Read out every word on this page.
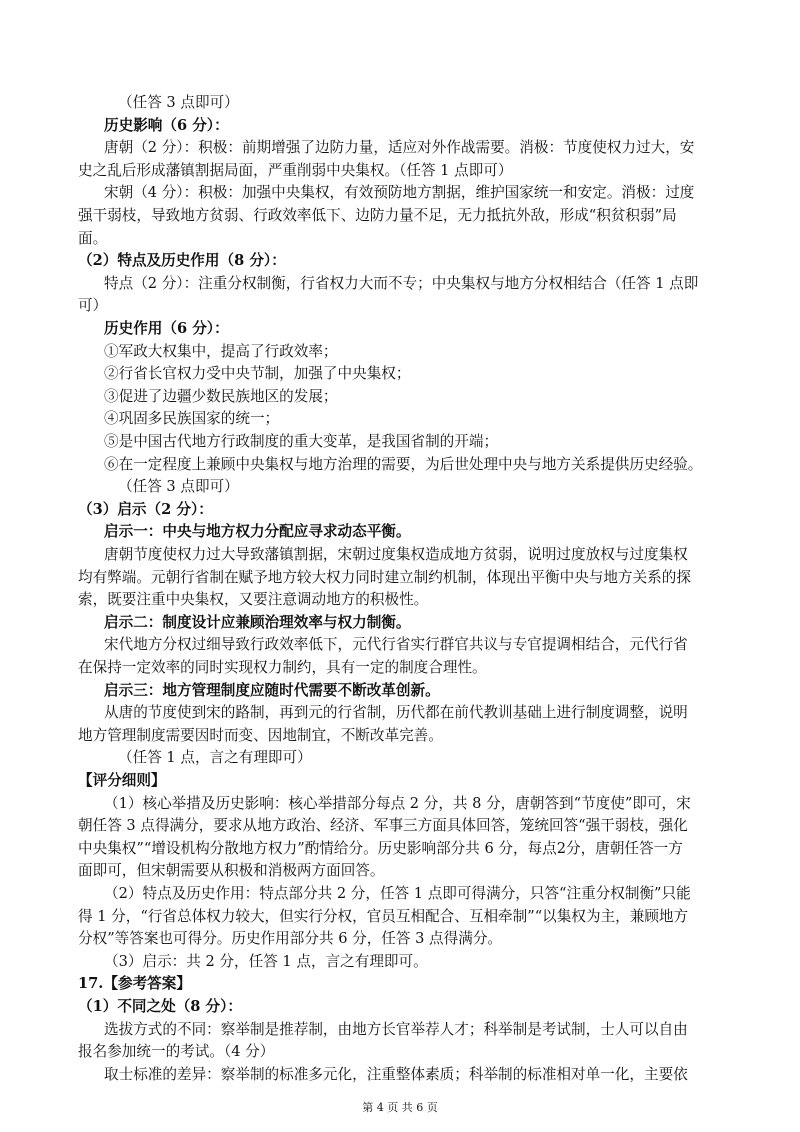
（任答 3 点即可）
历史影响（6 分）：
唐朝（2 分）：积极：前期增强了边防力量，适应对外作战需要。消极：节度使权力过大，安
史之乱后形成藩镇割据局面，严重削弱中央集权。（任答 1 点即可）
宋朝（4 分）：积极：加强中央集权，有效预防地方割据，维护国家统一和安定。消极：过度
强干弱枝，导致地方贫弱、行政效率低下、边防力量不足，无力抵抗外敌，形成“积贫积弱”局
面。
（2）特点及历史作用（8 分）：
特点（2 分）：注重分权制衡，行省权力大而不专；中央集权与地方分权相结合（任答 1 点即
可）
历史作用（6 分）：
①军政大权集中，提高了行政效率；
②行省长官权力受中央节制，加强了中央集权；
③促进了边疆少数民族地区的发展；
④巩固多民族国家的统一；
⑤是中国古代地方行政制度的重大变革，是我国省制的开端；
⑥在一定程度上兼顾中央集权与地方治理的需要，为后世处理中央与地方关系提供历史经验。
（任答 3 点即可）
（3）启示（2 分）：
启示一：中央与地方权力分配应寻求动态平衡。
唐朝节度使权力过大导致藩镇割据，宋朝过度集权造成地方贫弱，说明过度放权与过度集权
均有弊端。元朝行省制在赋予地方较大权力同时建立制约机制，体现出平衡中央与地方关系的探
索，既要注重中央集权，又要注意调动地方的积极性。
启示二：制度设计应兼顾治理效率与权力制衡。
宋代地方分权过细导致行政效率低下，元代行省实行群官共议与专官提调相结合，元代行省
在保持一定效率的同时实现权力制约，具有一定的制度合理性。
启示三：地方管理制度应随时代需要不断改革创新。
从唐的节度使到宋的路制，再到元的行省制，历代都在前代教训基础上进行制度调整，说明
地方管理制度需要因时而变、因地制宜，不断改革完善。
（任答 1 点，言之有理即可）
【评分细则】
（1）核心举措及历史影响：核心举措部分每点 2 分，共 8 分，唐朝答到“节度使”即可，宋
朝任答 3 点得满分，要求从地方政治、经济、军事三方面具体回答，笼统回答“强干弱枝，强化
中央集权”“增设机构分散地方权力”酌情给分。历史影响部分共 6 分，每点2分，唐朝任答一方
面即可，但宋朝需要从积极和消极两方面回答。
（2）特点及历史作用：特点部分共 2 分，任答 1 点即可得满分，只答“注重分权制衡”只能
得 1 分，“行省总体权力较大，但实行分权，官员互相配合、互相牵制”“以集权为主，兼顾地方
分权”等答案也可得分。历史作用部分共 6 分，任答 3 点得满分。
（3）启示：共 2 分，任答 1 点，言之有理即可。
17.【参考答案】
（1）不同之处（8 分）：
选拔方式的不同：察举制是推荐制，由地方长官举荐人才；科举制是考试制，士人可以自由
报名参加统一的考试。（4 分）
取士标准的差异：察举制的标准多元化，注重整体素质；科举制的标准相对单一化，主要依
第 4 页 共 6 页
